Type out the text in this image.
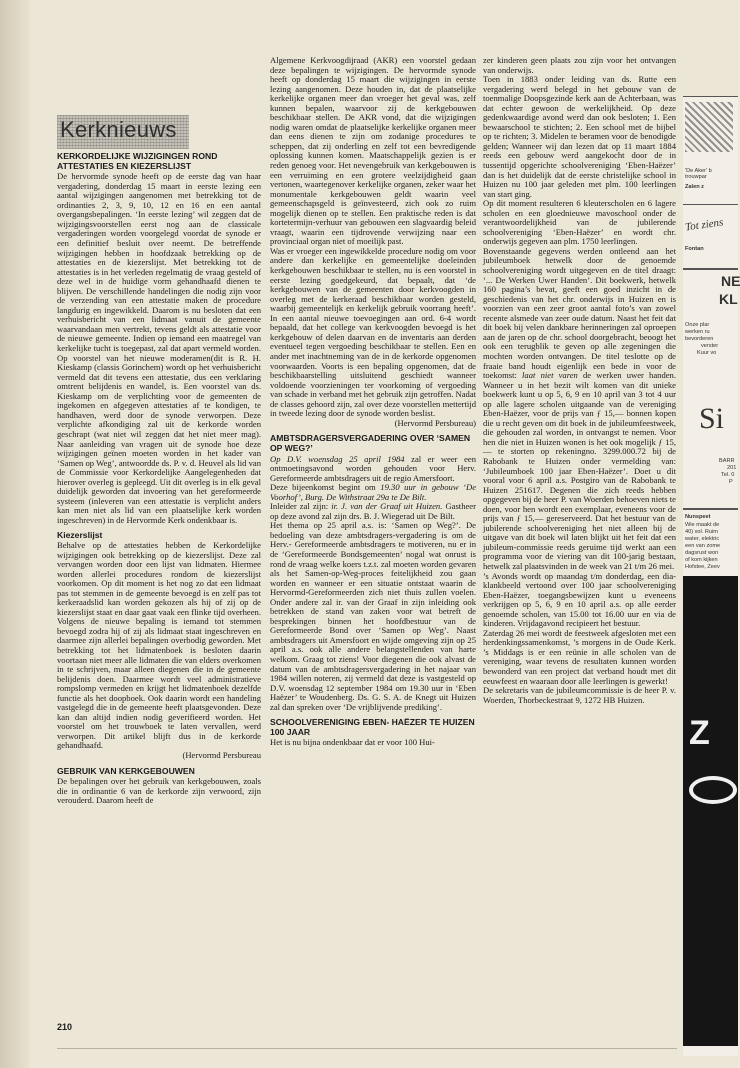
Kerknieuws
KERKORDELIJKE WIJZIGINGEN ROND ATTESTATIES EN KIEZERSLIJST

De hervormde synode heeft op de eerste dag van haar vergadering, donderdag 15 maart in eerste lezing een aantal wijzigingen aangenomen met betrekking tot de ordinanties 2, 3, 9, 10, 12 en 16 en een aantal overgangsbepalingen. ‘In eerste lezing’ wil zeggen dat de wijzigingsvoorstellen eerst nog aan de classicale vergaderingen worden voorgelegd voordat de synode er een definitief besluit over neemt. De betreffende wijzigingen hebben in hoofdzaak betrekking op de attestaties en de kiezerslijst. Met betrekking tot de attestaties is in het verleden regelmatig de vraag gesteld of deze wel in de huidige vorm gehandhaafd dienen te blijven. De verschillende handelingen die nodig zijn voor de verzending van een attestatie maken de procedure langdurig en ingewikkeld. Daarom is nu besloten dat een verhuisbericht van een lidmaat vanuit de gemeente waarvandaan men vertrekt, tevens geldt als attestatie voor de nieuwe gemeente. Indien op iemand een maatregel van kerkelijke tucht is toegepast, zal dat apart vermeld worden. Op voorstel van het nieuwe moderamen(dit is R. H. Kieskamp (classis Gorinchem) wordt op het verhuisbericht vermeld dat dit tevens een attestatie, dus een verklaring omtrent belijdenis en wandel, is. Een voorstel van ds. Kieskamp om de verplichting voor de gemeenten de ingekomen en afgegeven attestaties af te kondigen, te handhaven, werd door de synode verworpen. Deze verplichte afkondiging zal uit de kerkorde worden geschrapt (wat niet wil zeggen dat het niet meer mag). Naar aanleiding van vragen uit de synode hoe deze wijzigingen geïnen moeten worden in het kader van ‘Samen op Weg’, antwoordde ds. P. v. d. Heuvel als lid van de Commissie voor Kerkordelijke Aangelegenheden dat hierover overleg is gepleegd. Uit dit overleg is in elk geval duidelijk geworden dat invoering van het gereformeerde systeem (inleveren van een attestatie is verplicht anders kan men niet als lid van een plaatselijke kerk worden ingeschreven) in de Hervormde Kerk ondenkbaar is.

Kiezerslijst

Behalve op de attestaties hebben de Kerkordelijke wijzigingen ook betrekking op de kiezerslijst. Deze zal vervangen worden door een lijst van lidmaten. Hiermee worden allerlei procedures rondom de kiezerslijst voorkomen. Op dit moment is het nog zo dat een lidmaat pas tot stemmen in de gemeente bevoegd is en zelf pas tot kerkeraadslid kan worden gekozen als hij of zij op de kiezerslijst staat en daar gaat vaak een flinke tijd overheen. Volgens de nieuwe bepaling is iemand tot stemmen bevoegd zodra hij of zij als lidmaat staat ingeschreven en daarmee zijn allerlei bepalingen overbodig geworden. Met betrekking tot het lidmatenboek is besloten daarin voortaan niet meer alle lidmaten die van elders overkomen in te schrijven, maar alleen diegenen die in de gemeente belijdenis doen. Daarmee wordt veel administratieve rompslomp vermeden en krijgt het lidmatenboek dezelfde functie als het doopboek. Ook daarin wordt een handeling vastgelegd die in de gemeente heeft plaatsgevonden. Deze kan dan altijd indien nodig geverifieerd worden. Het voorstel om het trouwboek te laten vervallen, werd verworpen. Dit artikel blijft dus in de kerkorde gehandhaafd.

(Hervormd Persbureau

GEBRUIK VAN KERKGEBOUWEN

De bepalingen over het gebruik van kerkgebouwen, zoals die in ordinantie 6 van de kerkorde zijn verwoord, zijn verouderd. Daarom heeft de

Algemene Kerkvoogdijraad (AKR) een voorstel gedaan deze bepalingen te wijzigingen. De hervormde synode heeft op donderdag 15 maart die wijzigingen in eerste lezing aangenomen. Deze houden in, dat de plaatselijke kerkelijke organen meer dan vroeger het geval was, zelf kunnen bepalen, waarvoor zij de kerkgebouwen beschikbaar stellen. De AKR vond, dat die wijzigingen nodig waren omdat de plaatselijke kerkelijke organen meer dan eens dienen te zijn om zodanige procedures te scheppen, dat zij onderling en zelf tot een bevredigende oplossing kunnen komen. Maatschappelijk gezien is er reden genoeg voor. Het nevengebruik van kerkgebouwen is een verruiming en een grotere veelzijdigheid gaan vertonen, waartegenover kerkelijke organen, zeker waar het monumentale kerkgebouwen geldt waarin veel gemeenschapsgeld is geïnvesteerd, zich ook zo ruim mogelijk dienen op te stellen. Een praktische reden is dat kortetermijn-verhuur van gebouwen een slagvaardig beleid vraagt, waarin een tijdrovende verwijzing naar een provinciaal organ niet of moeilijk past.

Was er vroeger een ingewikkelde procedure nodig om voor andere dan kerkelijke en gemeentelijke doeleinden kerkgebouwen beschikbaar te stellen, nu is een voorstel in eerste lezing goedgekeurd, dat bepaalt, dat ‘de kerkgebouwen van de gemeenten door kerkvoogden in overleg met de kerkeraad beschikbaar worden gesteld, waarbij gemeentelijk en kerkelijk gebruik voorrang heeft’. In een aantal nieuwe toevoegingen aan ord. 6-4 wordt bepaald, dat het college van kerkvoogden bevoegd is het kerkgebouw of delen daarvan en de inventaris aan derden eventueel tegen vergoeding beschikbaar te stellen. Een en ander met inachtneming van de in de kerkorde opgenomen voorwaarden. Voorts is een bepaling opgenomen, dat de beschikbaarstelling uitsluitend geschiedt wanneer voldoende voorzieningen ter voorkoming of vergoeding van schade in verband met het gebruik zijn getroffen. Nadat de classes gehoord zijn, zal over deze voorstellen mettertijd in tweede lezing door de synode worden beslist.

(Hervormd Persbureau)

AMBTSDRAGERSVERGADERING OVER ‘SAMEN OP WEG?’

Op D.V. woensdag 25 april 1984 zal er weer een ontmoetingsavond worden gehouden voor Herv. Gereformeerde ambtsdragers uit de regio Amersfoort.

Deze bijeenkomst begint om 19.30 uur in gebouw ‘De Voorhof’, Burg. De Withstraat 29a te De Bilt.

Inleider zal zijn: ir. J. van der Graaf uit Huizen. Gastheer op deze avond zal zijn drs. B. J. Wiegerad uit De Bilt.

Het thema op 25 april a.s. is: ‘Samen op Weg?’. De bedoeling van deze ambtsdragers-vergadering is om de Herv.- Gereformeerde ambtsdragers te motiveren, nu er in de ‘Gereformeerde Bondsgemeenten’ nogal wat onrust is rond de vraag welke koers t.z.t. zal moeten worden gevaren als het Samen-op-Weg-proces feitelijkheid zou gaan worden en wanneer er een situatie ontstaat waarin de Hervormd-Gereformeerden zich niet thuis zullen voelen. Onder andere zal ir. van der Graaf in zijn inleiding ook betrekken de stand van zaken voor wat betreft de besprekingen binnen het hoofdbestuur van de Gereformeerde Bond over ‘Samen op Weg’. Naast ambtsdragers uit Amersfoort en wijde omgeving zijn op 25 april a.s. ook alle andere belangstellenden van harte welkom. Graag tot ziens! Voor diegenen die ook alvast de datum van de ambtsdragersvergadering in het najaar van 1984 willen noteren, zij vermeld dat deze is vastgesteld op D.V. woensdag 12 september 1984 om 19.30 uur in ‘Eben Haëzer’ te Woudenberg. Ds. G. S. A. de Knegt uit Huizen zal dan spreken over ‘De vrijblijvende prediking’.

SCHOOLVERENIGING EBEN- HAËZER TE HUIZEN 100 JAAR

Het is nu bijna ondenkbaar dat er voor 100 Hui-

zer kinderen geen plaats zou zijn voor het ontvangen van onderwijs.

Toen in 1883 onder leiding van ds. Rutte een vergadering werd belegd in het gebouw van de toenmalige Doopsgezinde kerk aan de Achterbaan, was dat echter gewoon de werkelijkheid. Op deze gedenkwaardige avond werd dan ook besloten; 1. Een bewaarschool te stichten; 2. Een school met de bijbel op te richten; 3. Midelen te beramen voor de benodigde gelden; Wanneer wij dan lezen dat op 11 maart 1884 reeds een gebouw werd aangekocht door de in tussentijd opgerichte schoolvereniging ‘Eben-Haëzer’ dan is het duidelijk dat de eerste christelijke school in Huizen nu 100 jaar geleden met plm. 100 leerlingen van start ging.

Op dit moment resulteren 6 kleuterscholen en 6 lagere scholen en een gloednieuwe mavoschool onder de verantwoordelijkheid van de jubilerende schoolvereniging ‘Eben-Haëzer’ en wordt chr. onderwijs gegeven aan plm. 1750 leerlingen.

Bovenstaande gegevens werden ontleend aan het jubileumboek hetwelk door de genoemde schoolvereniging wordt uitgegeven en de titel draagt: ‘... De Werken Uwer Handen’. Dit boekwerk, hetwelk 160 pagina’s bevat, geeft een goed inzicht in de geschiedenis van het chr. onderwijs in Huizen en is voorzien van een zeer groot aantal foto’s van zowel recente alsmede van zeer oude datum. Naast het feit dat dit boek bij velen dankbare herinneringen zal oproepen aan de jaren op de chr. school doorgebracht, beoogt het ook een terugblik te geven op alle zegeningen die mochten worden ontvangen. De titel teslotte op de fraaie band houdt eigenlijk een bede in voor de toekomst: laat niet varen de werken uwer handen. Wanneer u in het bezit wilt komen van dit unieke boekwerk kunt u op 5, 6, 9 en 10 april van 3 tot 4 uur op alle lagere scholen uitgaande van de vereniging Eben-Haëzer, voor de prijs van ƒ 15,— bonnen kopen die u recht geven om dit boek in de jubileumfeestweek, die gehouden zal worden, in ontvangst te nemen. Voor hen die niet in Huizen wonen is het ook mogelijk ƒ 15,— te storten op rekeningno. 3299.000.72 bij de Rabobank te Huizen onder vermelding van: ‘Jubileumboek 100 jaar Eben-Haëzer’. Doet u dit vooral voor 6 april a.s. Postgiro van de Rabobank te Huizen 251617. Degenen die zich reeds hebben opgegeven bij de heer P. van Woerden behoeven niets te doen, voor hen wordt een exemplaar, eveneens voor de prijs van ƒ 15,— gereserveerd. Dat het bestuur van de jubilerende schoolvereniging het niet alleen bij de uitgave van dit boek wil laten blijkt uit het feit dat een jubileum-commissie reeds geruime tijd werkt aan een programma voor de viering van dit 100-jarig bestaan, hetwelk zal plaatsvinden in de week van 21 t/m 26 mei.

’s Avonds wordt op maandag t/m donderdag, een dia-klankbeeld vertoond over 100 jaar schoolvereniging Eben-Haëzer, toegangsbewijzen kunt u eveneens verkrijgen op 5, 6, 9 en 10 april a.s. op alle eerder genoemde scholen, van 15.00 tot 16.00 uur en via de kinderen. Vrijdagavond recipieert het bestuur.

Zaterdag 26 mei wordt de feestweek afgesloten met een herdenkingssamenkomst, ’s morgens in de Oude Kerk. ’s Middags is er een reünie in alle scholen van de vereniging, waar tevens de resultaten kunnen worden bewonderd van een project dat verband houdt met dit eeuwfeest en waaraan door alle leerlingen is gewerkt!

De sekretaris van de jubileumcommissie is de heer P. v. Woerden, Thorbeckestraat 9, 1272 HB Huizen.

210
'De Aker' b
trouwpar
Zalen z
Tot ziens
Fontan
NE
KL
Onze plar
werken ru
bevorderen
verster
Kuur vo
Si
BARR
201
Tel. 0
P
Nunspeet
Wie maakt de
40) vol. Ruim
water, elektric
een van zome
dagsrust won
of kom kijken
Hofstee, Zeev
Z
